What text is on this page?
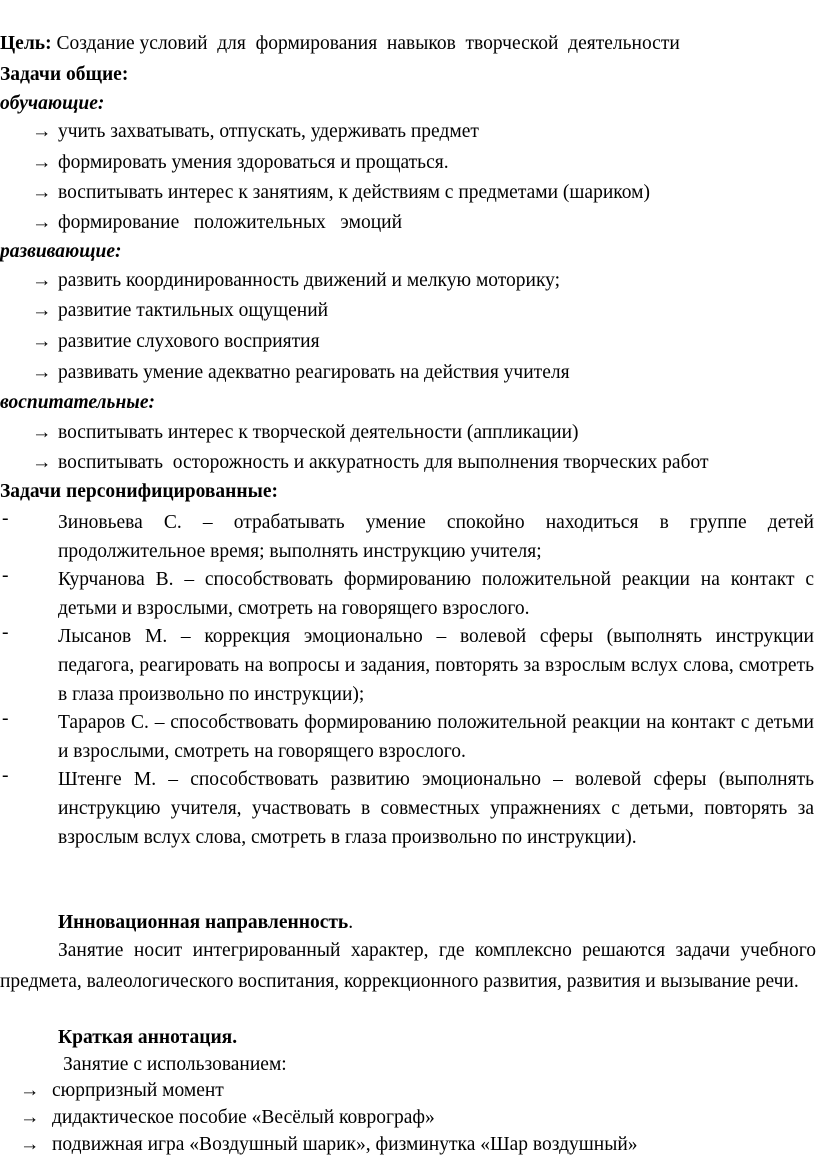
Цель: Создание условий  для  формирования  навыков  творческой  деятельности
Задачи общие:
обучающие:
→ учить захватывать, отпускать, удерживать предмет
→ формировать умения здороваться и прощаться.
→ воспитывать интерес к занятиям, к действиям с предметами (шариком)
→ формирование   положительных   эмоций
развивающие:
→ развить координированность движений и мелкую моторику;
→ развитие тактильных ощущений
→ развитие слухового восприятия
→ развивать умение адекватно реагировать на действия учителя
воспитательные:
→ воспитывать интерес к творческой деятельности (аппликации)
→ воспитывать  осторожность и аккуратность для выполнения творческих работ
Задачи персонифицированные:
-	Зиновьева С. – отрабатывать умение спокойно находиться в группе детей продолжительное время; выполнять инструкцию учителя;
-	Курчанова В. – способствовать формированию положительной реакции на контакт с детьми и взрослыми, смотреть на говорящего взрослого.
-	Лысанов М. – коррекция эмоционально – волевой сферы (выполнять инструкции педагога, реагировать на вопросы и задания, повторять за взрослым вслух слова, смотреть в глаза произвольно по инструкции);
-	Тараров С. – способствовать формированию положительной реакции на контакт с детьми и взрослыми, смотреть на говорящего взрослого.
-	Штенге М. – способствовать развитию эмоционально – волевой сферы (выполнять инструкцию учителя, участвовать в совместных упражнениях с детьми, повторять за взрослым вслух слова, смотреть в глаза произвольно по инструкции).
Инновационная направленность.
Занятие носит интегрированный характер, где комплексно решаются задачи учебного предмета, валеологического воспитания, коррекционного развития, развития и вызывание речи.
Краткая аннотация.
Занятие с использованием:
→ сюрпризный момент
→ дидактическое пособие «Весёлый коврограф»
→ подвижная игра «Воздушный шарик», физминутка «Шар воздушный»
